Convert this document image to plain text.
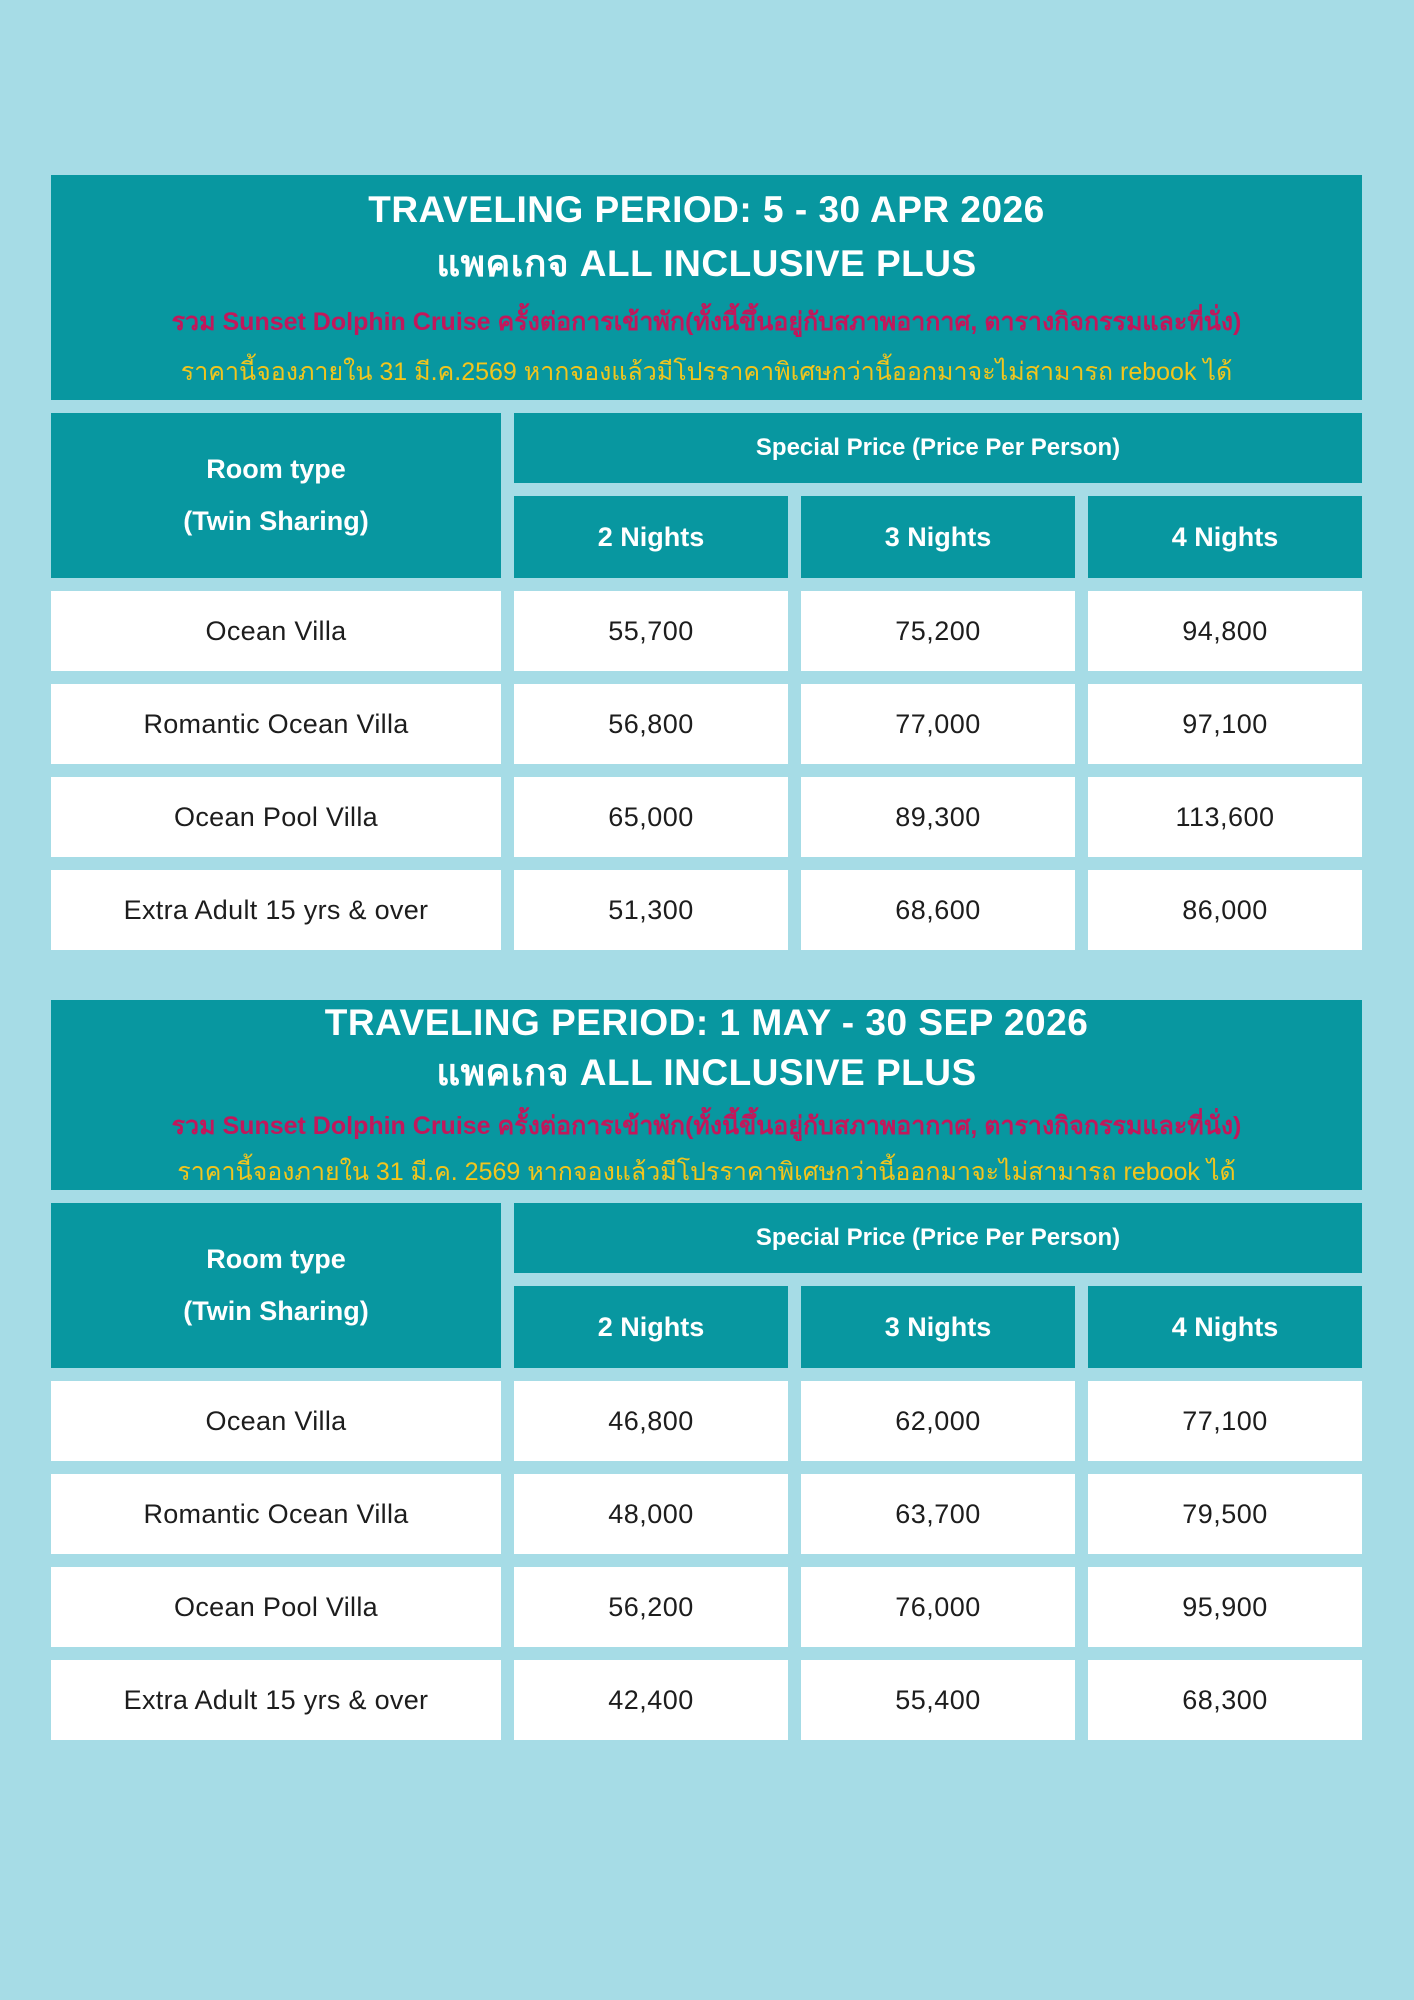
TRAVELING PERIOD: 5 - 30 APR 2026
แพคเกจ ALL INCLUSIVE PLUS
รวม Sunset Dolphin Cruise ครั้งต่อการเข้าพัก(ทั้งนี้ขึ้นอยู่กับสภาพอากาศ, ตารางกิจกรรมและที่นั่ง)
ราคานี้จองภายใน 31 มี.ค.2569 หากจองแล้วมีโปรราคาพิเศษกว่านี้ออกมาจะไม่สามารถ rebook ได้
Room type
(Twin Sharing)
Special Price (Price Per Person)
2 Nights	3 Nights	4 Nights
Ocean Villa	55,700	75,200	94,800
Romantic Ocean Villa	56,800	77,000	97,100
Ocean Pool Villa	65,000	89,300	113,600
Extra Adult 15 yrs & over	51,300	68,600	86,000
TRAVELING PERIOD: 1 MAY - 30 SEP 2026
แพคเกจ ALL INCLUSIVE PLUS
รวม Sunset Dolphin Cruise ครั้งต่อการเข้าพัก(ทั้งนี้ขึ้นอยู่กับสภาพอากาศ, ตารางกิจกรรมและที่นั่ง)
ราคานี้จองภายใน 31 มี.ค. 2569 หากจองแล้วมีโปรราคาพิเศษกว่านี้ออกมาจะไม่สามารถ rebook ได้
Room type
(Twin Sharing)
Special Price (Price Per Person)
2 Nights	3 Nights	4 Nights
Ocean Villa	46,800	62,000	77,100
Romantic Ocean Villa	48,000	63,700	79,500
Ocean Pool Villa	56,200	76,000	95,900
Extra Adult 15 yrs & over	42,400	55,400	68,300
